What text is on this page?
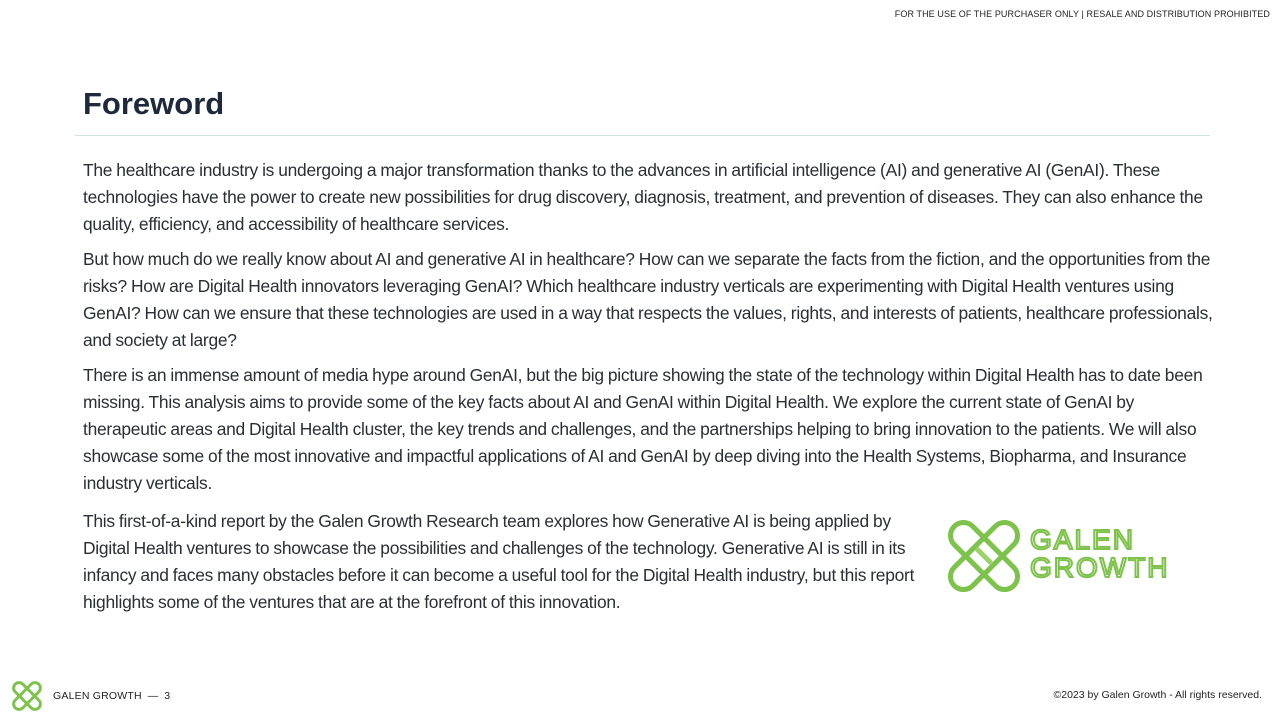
FOR THE USE OF THE PURCHASER ONLY | RESALE AND DISTRIBUTION PROHIBITED
Foreword

The healthcare industry is undergoing a major transformation thanks to the advances in artificial intelligence (AI) and generative AI (GenAI). These technologies have the power to create new possibilities for drug discovery, diagnosis, treatment, and prevention of diseases. They can also enhance the quality, efficiency, and accessibility of healthcare services.

But how much do we really know about AI and generative AI in healthcare? How can we separate the facts from the fiction, and the opportunities from the risks? How are Digital Health innovators leveraging GenAI? Which healthcare industry verticals are experimenting with Digital Health ventures using GenAI? How can we ensure that these technologies are used in a way that respects the values, rights, and interests of patients, healthcare professionals, and society at large?

There is an immense amount of media hype around GenAI, but the big picture showing the state of the technology within Digital Health has to date been missing. This analysis aims to provide some of the key facts about AI and GenAI within Digital Health. We explore the current state of GenAI by therapeutic areas and Digital Health cluster, the key trends and challenges, and the partnerships helping to bring innovation to the patients. We will also showcase some of the most innovative and impactful applications of AI and GenAI by deep diving into the Health Systems, Biopharma, and Insurance industry verticals.

This first-of-a-kind report by the Galen Growth Research team explores how Generative AI is being applied by Digital Health ventures to showcase the possibilities and challenges of the technology. Generative AI is still in its infancy and faces many obstacles before it can become a useful tool for the Digital Health industry, but this report highlights some of the ventures that are at the forefront of this innovation.

GALEN
GROWTH
GALEN GROWTH — 3	©2023 by Galen Growth - All rights reserved.
